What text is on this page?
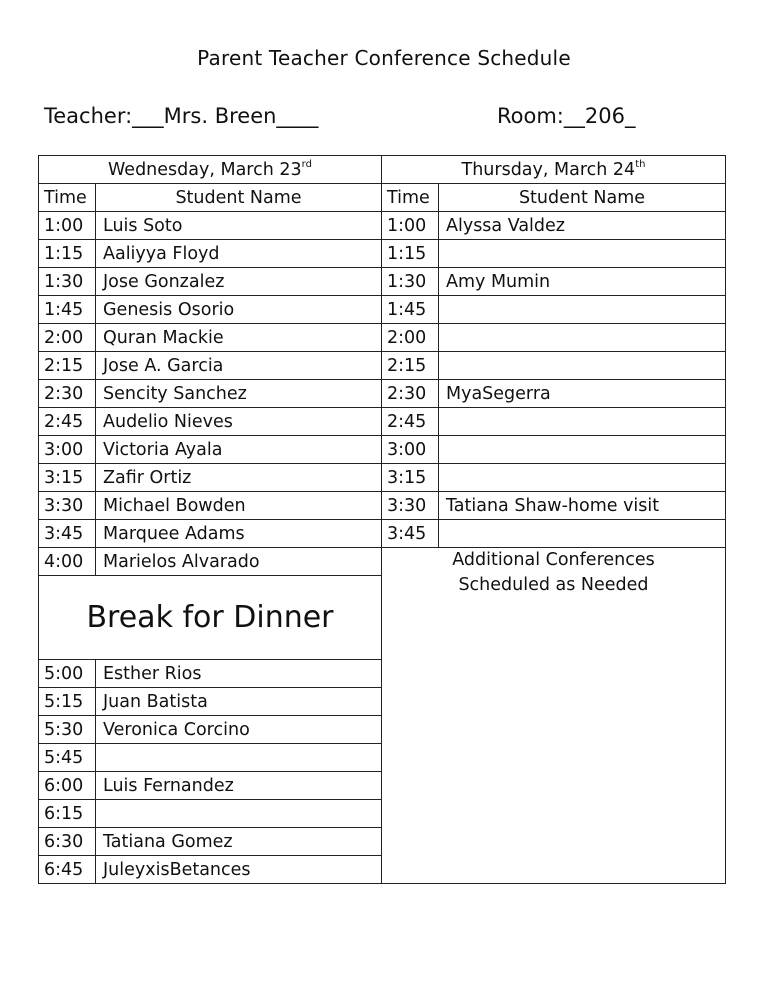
Parent Teacher Conference Schedule
Teacher:___Mrs. Breen____	Room:__206_
Wednesday, March 23rd		Thursday, March 24th
Time	Student Name	Time	Student Name
1:00	Luis Soto	1:00	Alyssa Valdez
1:15	Aaliyya Floyd	1:15	
1:30	Jose Gonzalez	1:30	Amy Mumin
1:45	Genesis Osorio	1:45	
2:00	Quran Mackie	2:00	
2:15	Jose A. Garcia	2:15	
2:30	Sencity Sanchez	2:30	MyaSegerra
2:45	Audelio Nieves	2:45	
3:00	Victoria Ayala	3:00	
3:15	Zafir Ortiz	3:15	
3:30	Michael Bowden	3:30	Tatiana Shaw-home visit
3:45	Marquee Adams	3:45	
4:00	Marielos Alvarado	Additional Conferences
Scheduled as Needed	

Break for Dinner			
5:00	Esther Rios		
5:15	Juan Batista		
5:30	Veronica Corcino		
5:45			
6:00	Luis Fernandez		
6:15			
6:30	Tatiana Gomez		
6:45	JuleyxisBetances		
